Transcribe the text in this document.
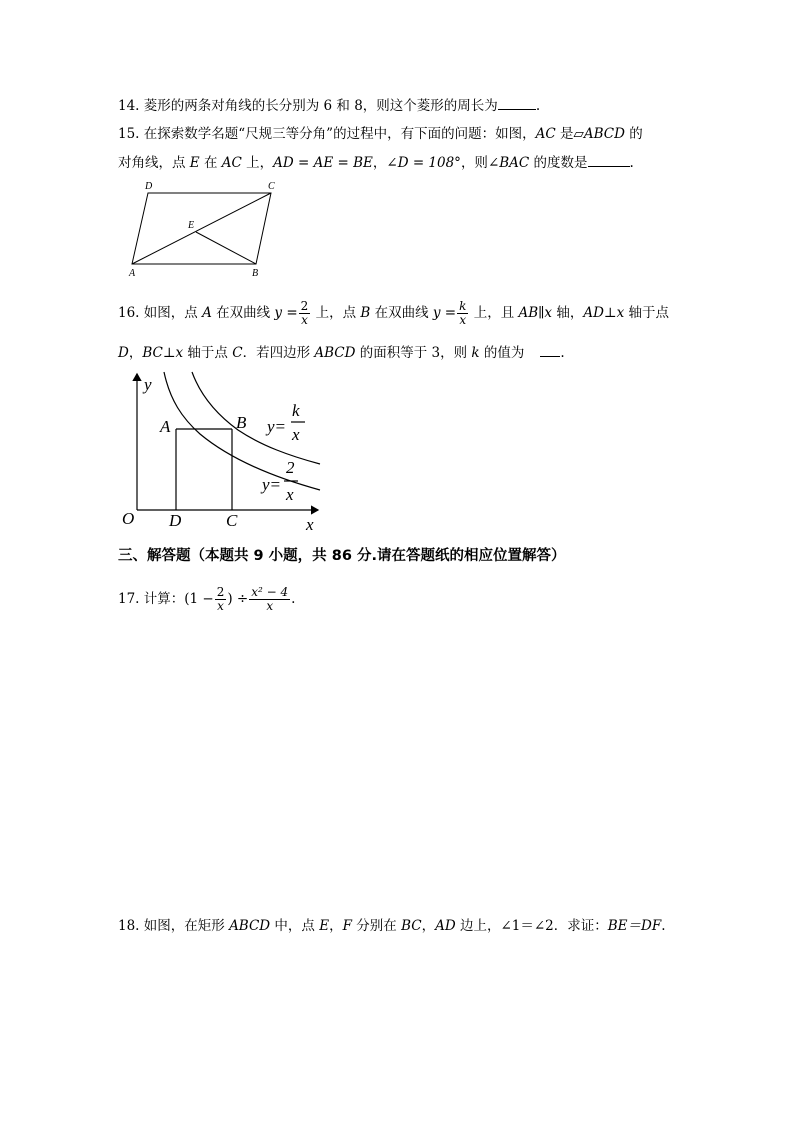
14. 菱形的两条对角线的长分别为 6 和 8，则这个菱形的周长为	.
15. 在探索数学名题“尺规三等分角”的过程中，有下面的问题：如图，AC 是▱ABCD 的
对角线，点 E 在 AC 上，AD = AE = BE，∠D = 108°，则∠BAC 的度数是	.
D	C
E
A	B
16. 如图，点 A 在双曲线 $y = \frac{2}{x}$ 上，点 B 在双曲线 $y = \frac{k}{x}$ 上，且 AB∥x 轴，AD⊥x 轴于点
D，BC⊥x 轴于点 C．若四边形 ABCD 的面积等于 3，则 k 的值为	.
y
x
O D	C
A	B y=
k
x
y=
2
x
三、解答题（本题共 9 小题，共 86 分.请在答题纸的相应位置解答）
17. 计算：($1 - \frac{2}{x}$ ) ÷ $\frac{\text{x² − 4}}{x}$ .
18. 如图，在矩形 ABCD 中，点 E，F 分别在 BC，AD 边上，∠1＝∠2．求证：BE＝DF.
